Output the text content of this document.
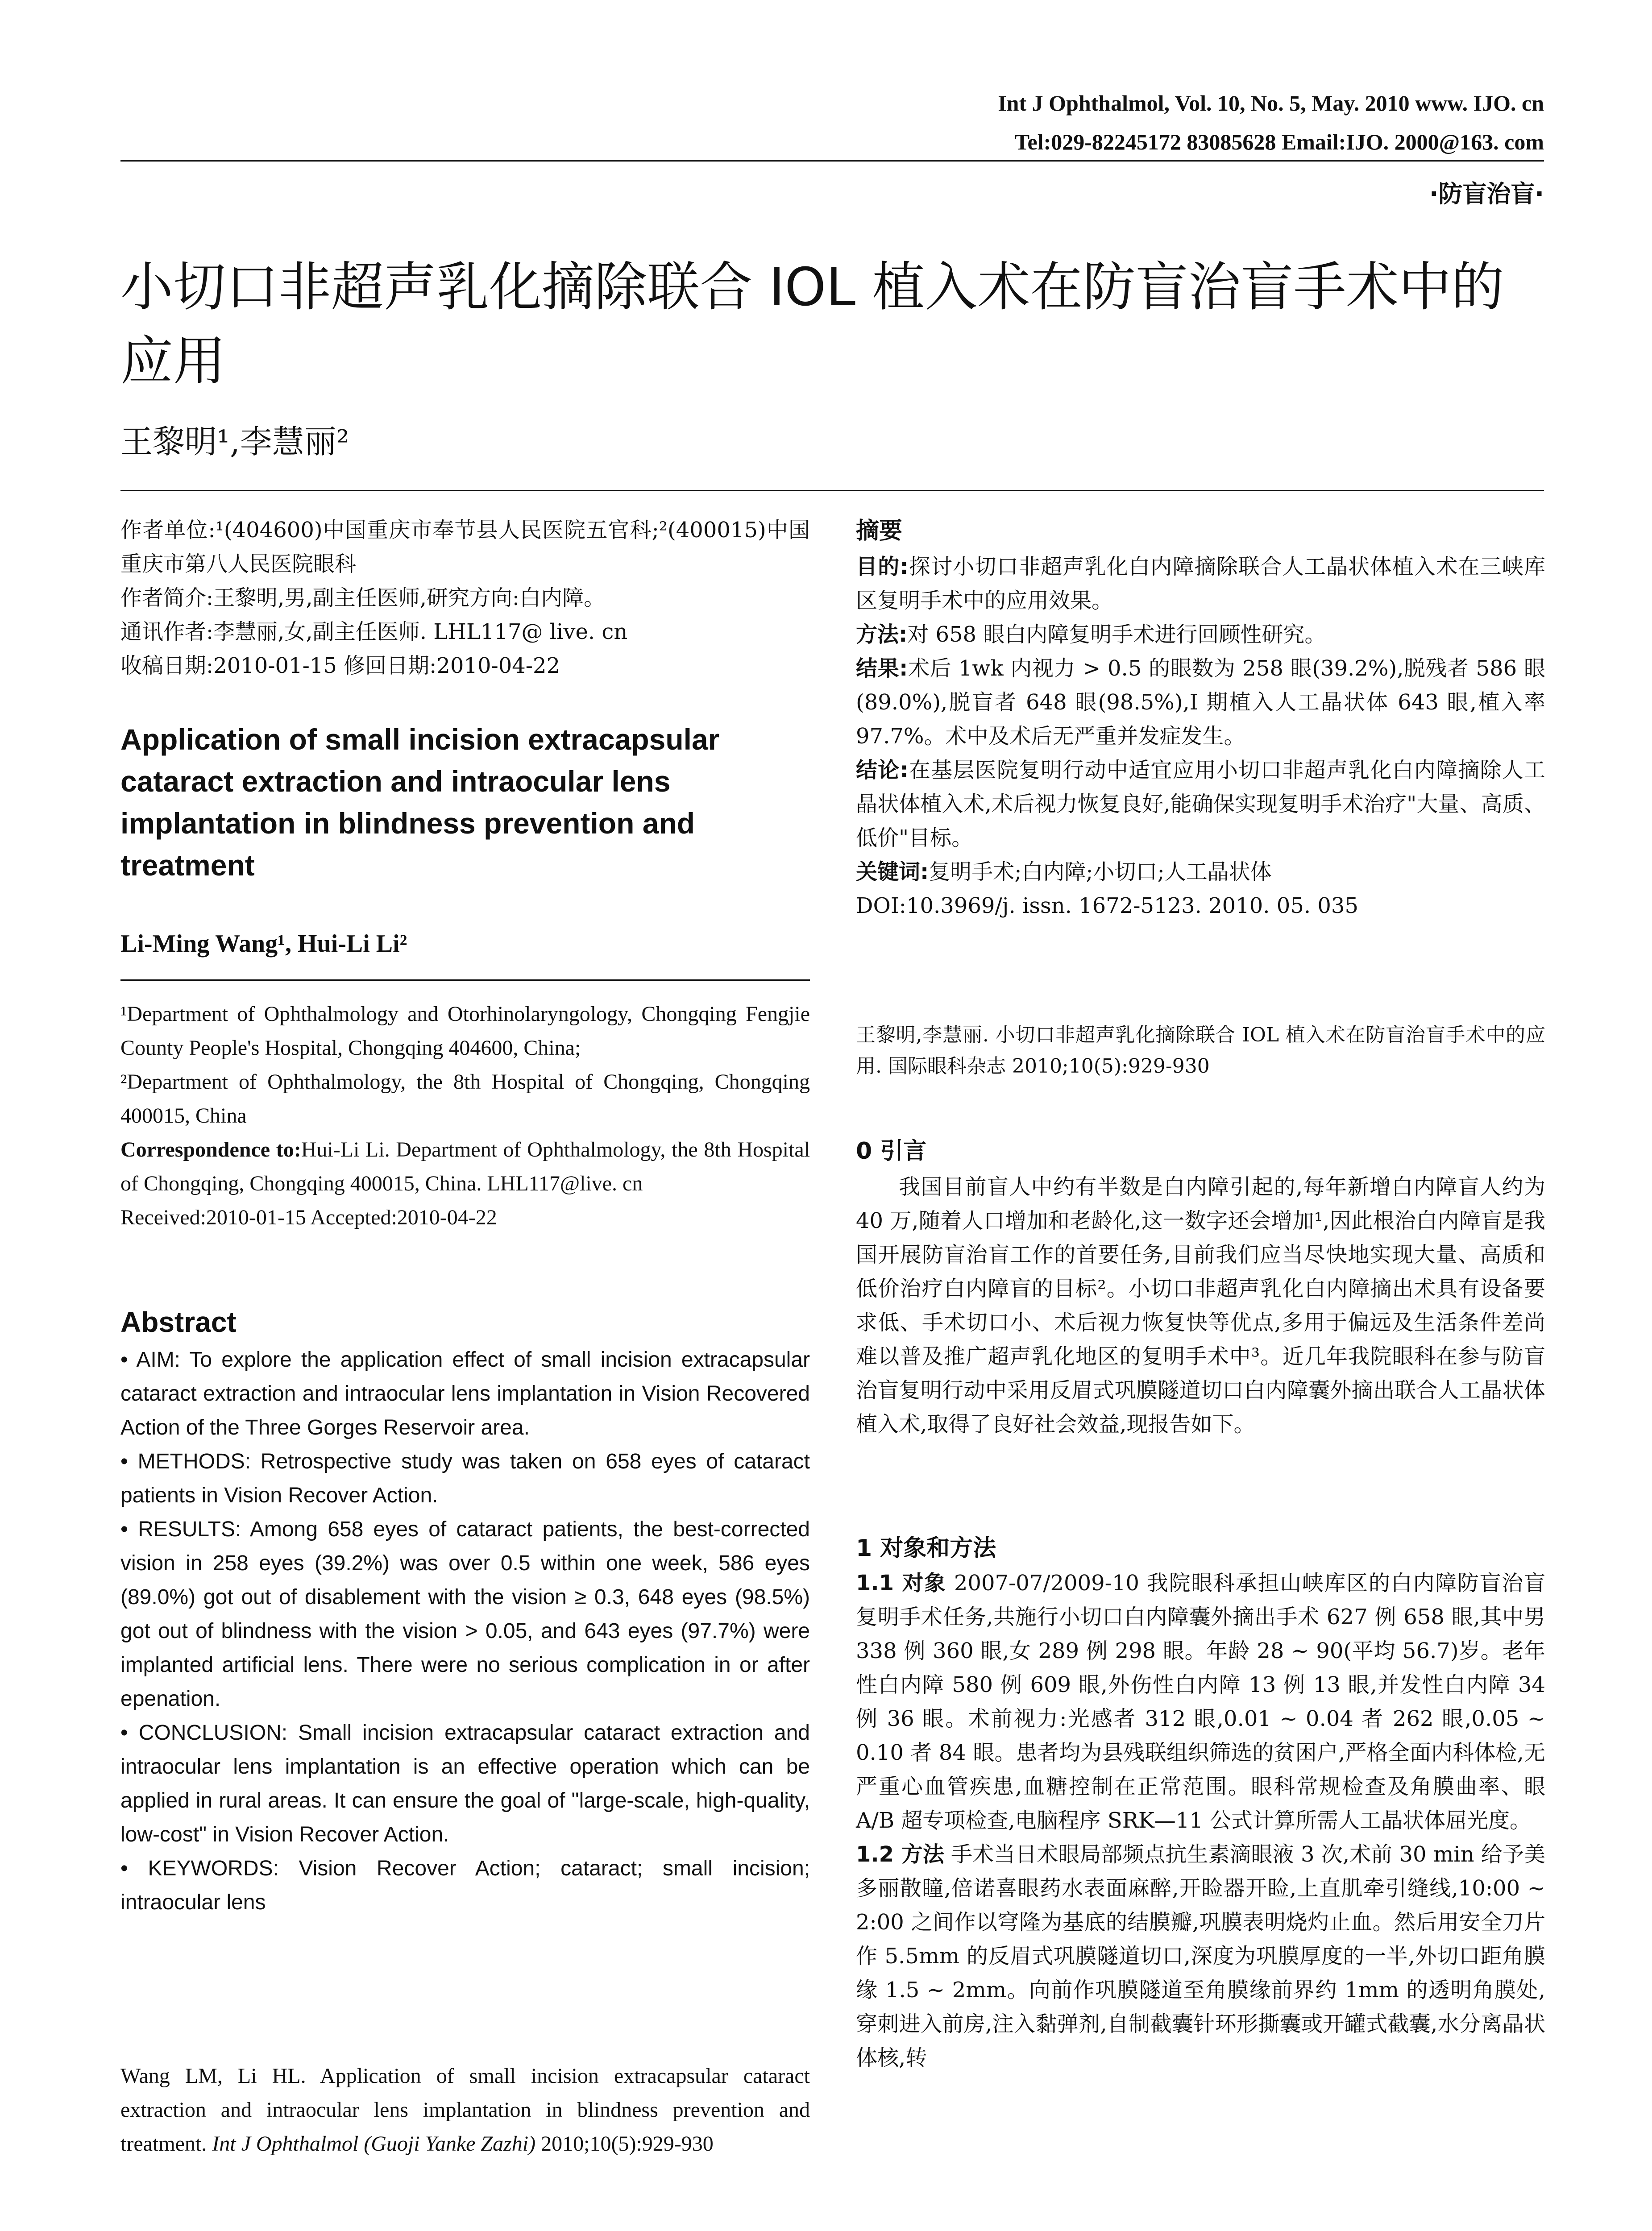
Int J Ophthalmol, Vol. 10, No. 5, May. 2010 www. IJO. cn
Tel:029-82245172 83085628 Email:IJO. 2000@163. com
·防盲治盲·
小切口非超声乳化摘除联合 IOL 植入术在防盲治盲手术中的应用
王黎明¹,李慧丽²

作者单位:¹(404600)中国重庆市奉节县人民医院五官科;²(400015)中国重庆市第八人民医院眼科

作者简介:王黎明,男,副主任医师,研究方向:白内障。

通讯作者:李慧丽,女,副主任医师. LHL117@ live. cn

收稿日期:2010-01-15 修回日期:2010-04-22

Application of small incision extracapsular cataract extraction and intraocular lens implantation in blindness prevention and treatment
Li-Ming Wang¹, Hui-Li Li²

¹Department of Ophthalmology and Otorhinolaryngology, Chongqing Fengjie County People's Hospital, Chongqing 404600, China;

²Department of Ophthalmology, the 8th Hospital of Chongqing, Chongqing 400015, China

Correspondence to:Hui-Li Li. Department of Ophthalmology, the 8th Hospital of Chongqing, Chongqing 400015, China. LHL117@live. cn

Received:2010-01-15 Accepted:2010-04-22

Abstract

• AIM: To explore the application effect of small incision extracapsular cataract extraction and intraocular lens implantation in Vision Recovered Action of the Three Gorges Reservoir area.

• METHODS: Retrospective study was taken on 658 eyes of cataract patients in Vision Recover Action.

• RESULTS: Among 658 eyes of cataract patients, the best-corrected vision in 258 eyes (39.2%) was over 0.5 within one week, 586 eyes (89.0%) got out of disablement with the vision ≥ 0.3, 648 eyes (98.5%) got out of blindness with the vision > 0.05, and 643 eyes (97.7%) were implanted artificial lens. There were no serious complication in or after epenation.

• CONCLUSION: Small incision extracapsular cataract extraction and intraocular lens implantation is an effective operation which can be applied in rural areas. It can ensure the goal of "large-scale, high-quality, low-cost" in Vision Recover Action.

• KEYWORDS: Vision Recover Action; cataract; small incision; intraocular lens

Wang LM, Li HL. Application of small incision extracapsular cataract extraction and intraocular lens implantation in blindness prevention and treatment. Int J Ophthalmol (Guoji Yanke Zazhi) 2010;10(5):929-930

摘要

目的:探讨小切口非超声乳化白内障摘除联合人工晶状体植入术在三峡库区复明手术中的应用效果。

方法:对 658 眼白内障复明手术进行回顾性研究。

结果:术后 1wk 内视力 > 0.5 的眼数为 258 眼(39.2%),脱残者 586 眼(89.0%),脱盲者 648 眼(98.5%),I 期植入人工晶状体 643 眼,植入率 97.7%。术中及术后无严重并发症发生。

结论:在基层医院复明行动中适宜应用小切口非超声乳化白内障摘除人工晶状体植入术,术后视力恢复良好,能确保实现复明手术治疗"大量、高质、低价"目标。

关键词:复明手术;白内障;小切口;人工晶状体

DOI:10.3969/j. issn. 1672-5123. 2010. 05. 035

王黎明,李慧丽. 小切口非超声乳化摘除联合 IOL 植入术在防盲治盲手术中的应用. 国际眼科杂志 2010;10(5):929-930
0 引言

我国目前盲人中约有半数是白内障引起的,每年新增白内障盲人约为 40 万,随着人口增加和老龄化,这一数字还会增加¹,因此根治白内障盲是我国开展防盲治盲工作的首要任务,目前我们应当尽快地实现大量、高质和低价治疗白内障盲的目标²。小切口非超声乳化白内障摘出术具有设备要求低、手术切口小、术后视力恢复快等优点,多用于偏远及生活条件差尚难以普及推广超声乳化地区的复明手术中³。近几年我院眼科在参与防盲治盲复明行动中采用反眉式巩膜隧道切口白内障囊外摘出联合人工晶状体植入术,取得了良好社会效益,现报告如下。

1 对象和方法

1.1 对象 2007-07/2009-10 我院眼科承担山峡库区的白内障防盲治盲复明手术任务,共施行小切口白内障囊外摘出手术 627 例 658 眼,其中男 338 例 360 眼,女 289 例 298 眼。年龄 28 ~ 90(平均 56.7)岁。老年性白内障 580 例 609 眼,外伤性白内障 13 例 13 眼,并发性白内障 34 例 36 眼。术前视力:光感者 312 眼,0.01 ~ 0.04 者 262 眼,0.05 ~ 0.10 者 84 眼。患者均为县残联组织筛选的贫困户,严格全面内科体检,无严重心血管疾患,血糖控制在正常范围。眼科常规检查及角膜曲率、眼 A/B 超专项检查,电脑程序 SRK—11 公式计算所需人工晶状体屈光度。

1.2 方法 手术当日术眼局部频点抗生素滴眼液 3 次,术前 30 min 给予美多丽散瞳,倍诺喜眼药水表面麻醉,开睑器开睑,上直肌牵引缝线,10:00 ~ 2:00 之间作以穹隆为基底的结膜瓣,巩膜表明烧灼止血。然后用安全刀片作 5.5mm 的反眉式巩膜隧道切口,深度为巩膜厚度的一半,外切口距角膜缘 1.5 ~ 2mm。向前作巩膜隧道至角膜缘前界约 1mm 的透明角膜处,穿刺进入前房,注入黏弹剂,自制截囊针环形撕囊或开罐式截囊,水分离晶状体核,转
